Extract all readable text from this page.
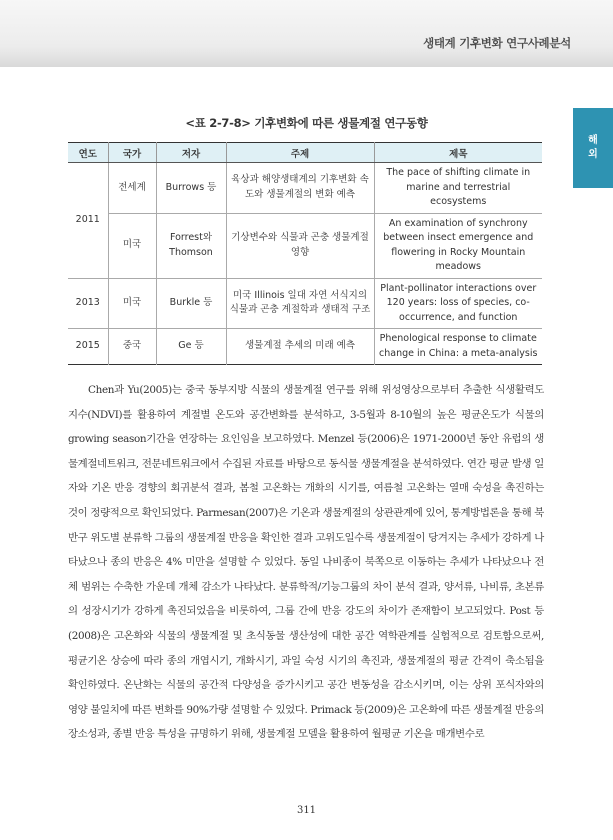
생태계 기후변화 연구사례분석
해
외
<표 2-7-8> 기후변화에 따른 생물계절 연구동향
연도	국가	저자	주제	제목
2011	전세계	Burrows 등	육상과 해양생태계의 기후변화 속도와 생물계절의 변화 예측	The pace of shifting climate in marine and terrestrial ecosystems
	미국	Forrest와 Thomson	기상변수와 식물과 곤충 생물계절 영향	An examination of synchrony between insect emergence and flowering in Rocky Mountain meadows
2013	미국	Burkle 등	미국 Illinois 일대 자연 서식지의 식물과 곤충 계절학과 생태적 구조	Plant-pollinator interactions over 120 years: loss of species, co-occurrence, and function
2015	중국	Ge 등	생물계절 추세의 미래 예측	Phenological response to climate change in China: a meta-analysis

Chen과 Yu(2005)는 중국 동부지방 식물의 생물계절 연구를 위해 위성영상으로부터 추출한 식생활력도 지수(NDVI)를 활용하여 계절별 온도와 공간변화를 분석하고, 3-5월과 8-10월의 높은 평균온도가 식물의 growing season기간을 연장하는 요인임을 보고하였다. Menzel 등(2006)은 1971-2000년 동안 유럽의 생물계절네트워크, 전문네트워크에서 수집된 자료를 바탕으로 동식물 생물계절을 분석하였다. 연간 평균 발생 일자와 기온 반응 경향의 회귀분석 결과, 봄철 고온화는 개화의 시기를, 여름철 고온화는 열매 숙성을 촉진하는 것이 정량적으로 확인되었다. Parmesan(2007)은 기온과 생물계절의 상관관계에 있어, 통계방법론을 통해 북반구 위도별 분류학 그룹의 생물계절 반응을 확인한 결과 고위도일수록 생물계절이 당겨지는 추세가 강하게 나타났으나 종의 반응은 4% 미만을 설명할 수 있었다. 동일 나비종이 북쪽으로 이동하는 추세가 나타났으나 전체 범위는 수축한 가운데 개체 감소가 나타났다. 분류학적/기능그룹의 차이 분석 결과, 양서류, 나비류, 초본류의 성장시기가 강하게 촉진되었음을 비롯하여, 그룹 간에 반응 강도의 차이가 존재함이 보고되었다. Post 등(2008)은 고온화와 식물의 생물계절 및 초식동물 생산성에 대한 공간 역학관계를 실험적으로 검토함으로써, 평균기온 상승에 따라 종의 개엽시기, 개화시기, 과일 숙성 시기의 촉진과, 생물계절의 평균 간격이 축소됨을 확인하였다. 온난화는 식물의 공간적 다양성을 증가시키고 공간 변동성을 감소시키며, 이는 상위 포식자와의 영양 불일치에 따른 변화를 90%가량 설명할 수 있었다. Primack 등(2009)은 고온화에 따른 생물계절 반응의 장소성과, 종별 반응 특성을 규명하기 위해, 생물계절 모델을 활용하여 월평균 기온을 매개변수로

311
